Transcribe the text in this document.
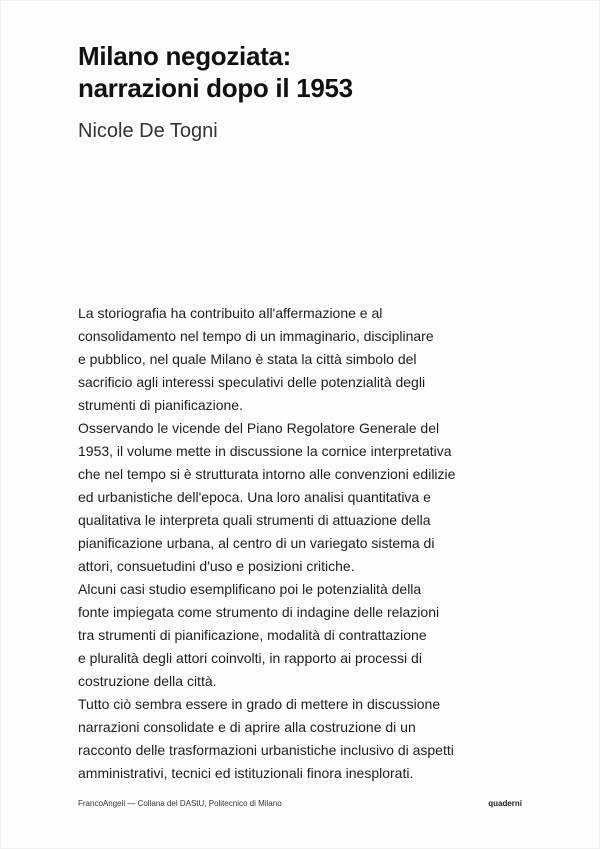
Milano negoziata:
narrazioni dopo il 1953
Nicole De Togni
La storiografia ha contribuito all'affermazione e al
consolidamento nel tempo di un immaginario, disciplinare
e pubblico, nel quale Milano è stata la città simbolo del
sacrificio agli interessi speculativi delle potenzialità degli
strumenti di pianificazione.
Osservando le vicende del Piano Regolatore Generale del
1953, il volume mette in discussione la cornice interpretativa
che nel tempo si è strutturata intorno alle convenzioni edilizie
ed urbanistiche dell'epoca. Una loro analisi quantitativa e
qualitativa le interpreta quali strumenti di attuazione della
pianificazione urbana, al centro di un variegato sistema di
attori, consuetudini d'uso e posizioni critiche.
Alcuni casi studio esemplificano poi le potenzialità della
fonte impiegata come strumento di indagine delle relazioni
tra strumenti di pianificazione, modalità di contrattazione
e pluralità degli attori coinvolti, in rapporto ai processi di
costruzione della città.
Tutto ciò sembra essere in grado di mettere in discussione
narrazioni consolidate e di aprire alla costruzione di un
racconto delle trasformazioni urbanistiche inclusivo di aspetti
amministrativi, tecnici ed istituzionali finora inesplorati.
FrancoAngeli — Collana del DAStU, Politecnico di Milano	quaderni
